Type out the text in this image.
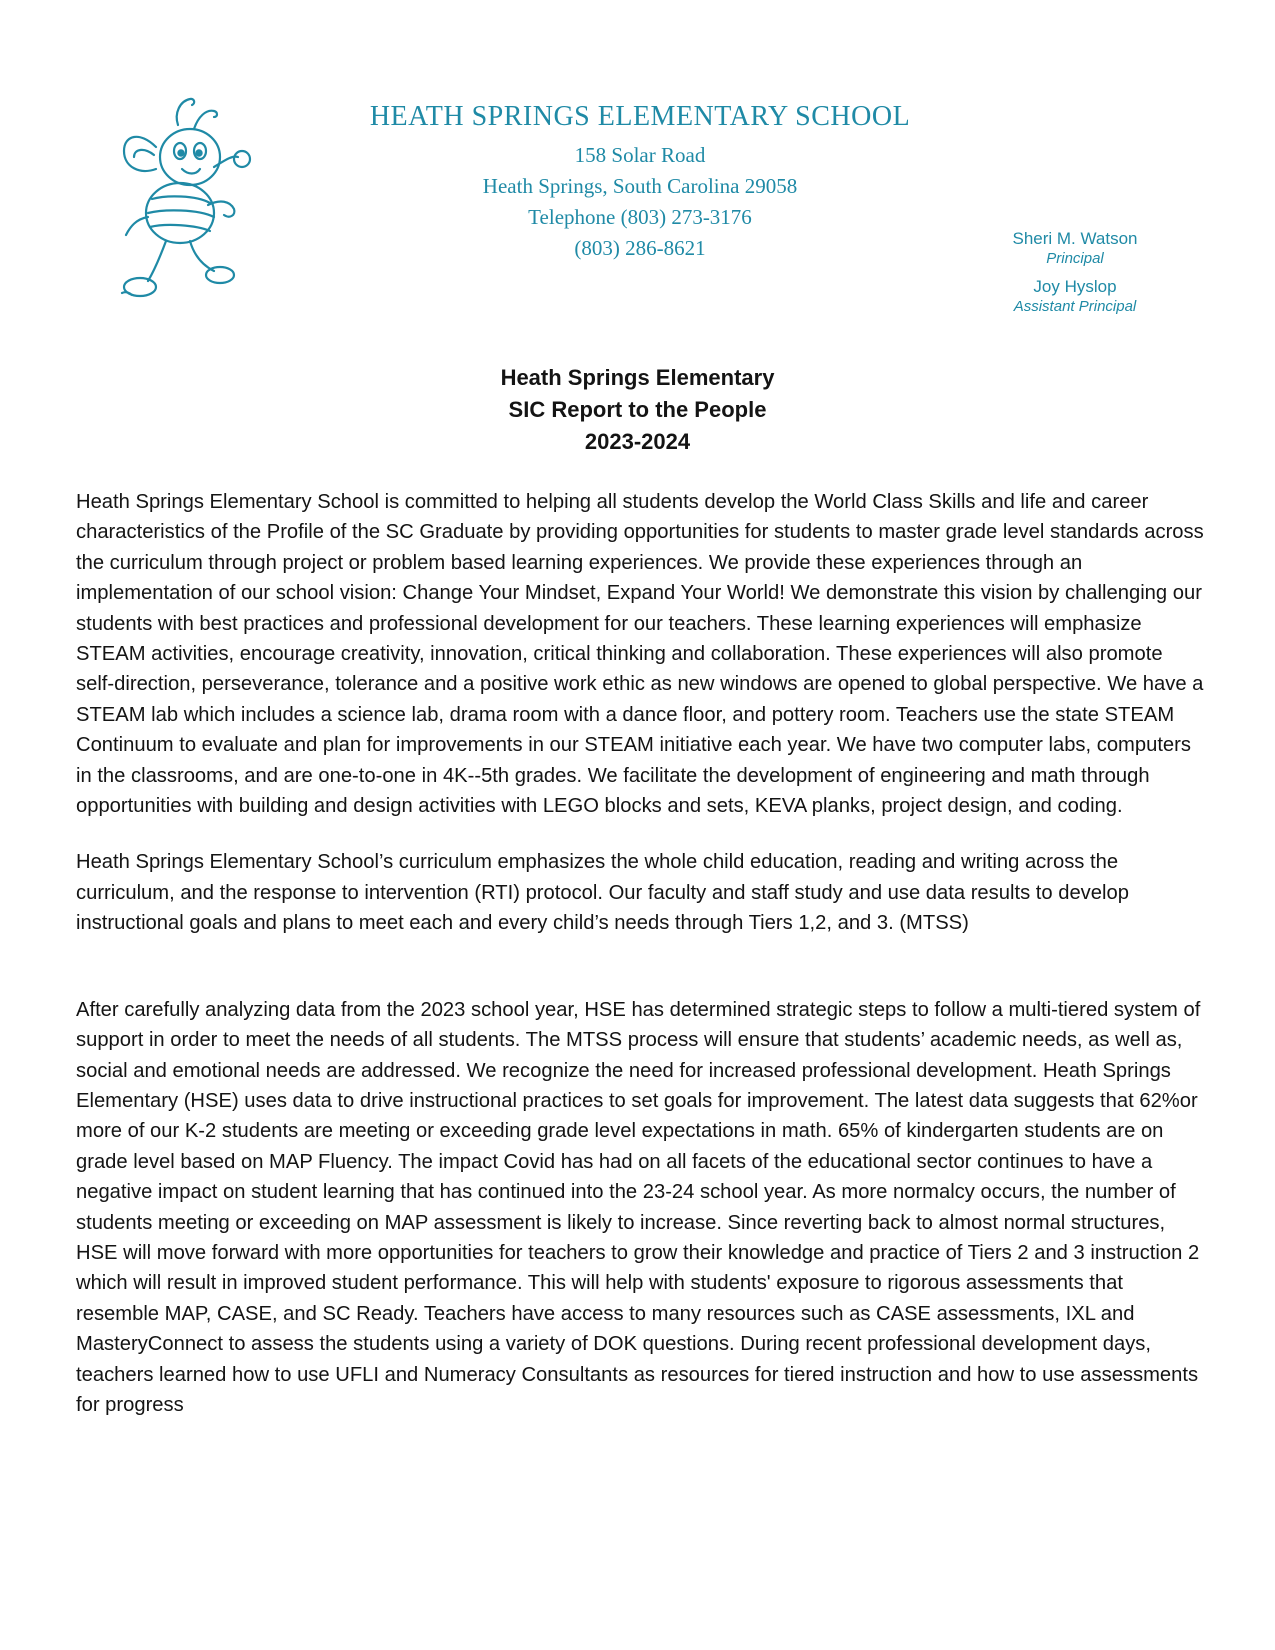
HEATH SPRINGS ELEMENTARY SCHOOL
158 Solar Road
Heath Springs, South Carolina 29058
Telephone (803) 273-3176
(803) 286-8621	Sheri M. Watson
Principal
Joy Hyslop
Assistant Principal
Heath Springs Elementary
SIC Report to the People
2023-2024

Heath Springs Elementary School is committed to helping all students develop the World Class Skills and life and career characteristics of the Profile of the SC Graduate by providing opportunities for students to master grade level standards across the curriculum through project or problem based learning experiences. We provide these experiences through an implementation of our school vision: Change Your Mindset, Expand Your World! We demonstrate this vision by challenging our students with best practices and professional development for our teachers. These learning experiences will emphasize STEAM activities, encourage creativity, innovation, critical thinking and collaboration. These experiences will also promote self-direction, perseverance, tolerance and a positive work ethic as new windows are opened to global perspective. We have a STEAM lab which includes a science lab, drama room with a dance floor, and pottery room. Teachers use the state STEAM Continuum to evaluate and plan for improvements in our STEAM initiative each year. We have two computer labs, computers in the classrooms, and are one-to-one in 4K--5th grades. We facilitate the development of engineering and math through opportunities with building and design activities with LEGO blocks and sets, KEVA planks, project design, and coding.

Heath Springs Elementary School’s curriculum emphasizes the whole child education, reading and writing across the curriculum, and the response to intervention (RTI) protocol. Our faculty and staff study and use data results to develop instructional goals and plans to meet each and every child’s needs through Tiers 1,2, and 3. (MTSS)

After carefully analyzing data from the 2023 school year, HSE has determined strategic steps to follow a multi-tiered system of support in order to meet the needs of all students. The MTSS process will ensure that students’ academic needs, as well as, social and emotional needs are addressed. We recognize the need for increased professional development. Heath Springs Elementary (HSE) uses data to drive instructional practices to set goals for improvement. The latest data suggests that 62%or more of our K-2 students are meeting or exceeding grade level expectations in math. 65% of kindergarten students are on grade level based on MAP Fluency. The impact Covid has had on all facets of the educational sector continues to have a negative impact on student learning that has continued into the 23-24 school year. As more normalcy occurs, the number of students meeting or exceeding on MAP assessment is likely to increase. Since reverting back to almost normal structures, HSE will move forward with more opportunities for teachers to grow their knowledge and practice of Tiers 2 and 3 instruction 2 which will result in improved student performance. This will help with students' exposure to rigorous assessments that resemble MAP, CASE, and SC Ready. Teachers have access to many resources such as CASE assessments, IXL and MasteryConnect to assess the students using a variety of DOK questions. During recent professional development days, teachers learned how to use UFLI and Numeracy Consultants as resources for tiered instruction and how to use assessments for progress
